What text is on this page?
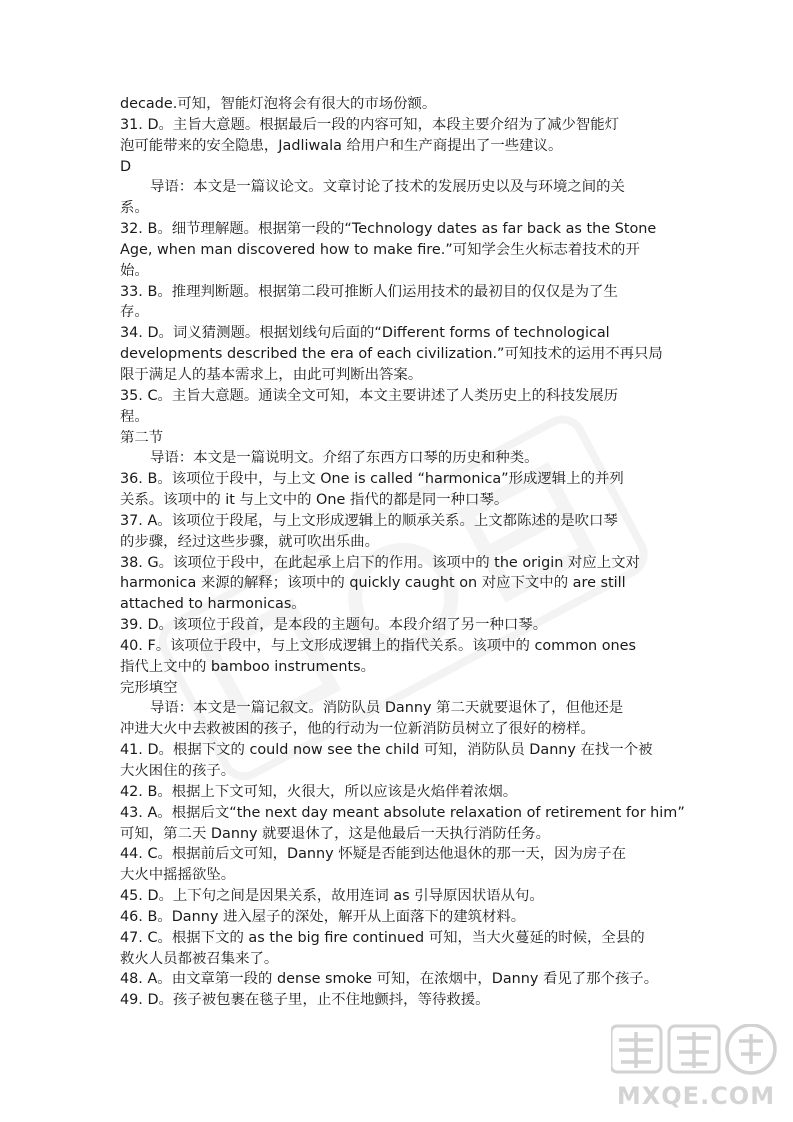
decade.可知，智能灯泡将会有很大的市场份额。
31. D。主旨大意题。根据最后一段的内容可知，本段主要介绍为了减少智能灯
泡可能带来的安全隐患，Jadliwala 给用户和生产商提出了一些建议。
D
导语：本文是一篇议论文。文章讨论了技术的发展历史以及与环境之间的关
系。
32. B。细节理解题。根据第一段的“Technology dates as far back as the Stone
Age, when man discovered how to make fire.”可知学会生火标志着技术的开
始。
33. B。推理判断题。根据第二段可推断人们运用技术的最初目的仅仅是为了生
存。
34. D。词义猜测题。根据划线句后面的“Different forms of technological
developments described the era of each civilization.”可知技术的运用不再只局
限于满足人的基本需求上，由此可判断出答案。
35. C。主旨大意题。通读全文可知，本文主要讲述了人类历史上的科技发展历
程。
第二节
导语：本文是一篇说明文。介绍了东西方口琴的历史和种类。
36. B。该项位于段中，与上文 One is called “harmonica”形成逻辑上的并列
关系。该项中的 it 与上文中的 One 指代的都是同一种口琴。
37. A。该项位于段尾，与上文形成逻辑上的顺承关系。上文都陈述的是吹口琴
的步骤，经过这些步骤，就可吹出乐曲。
38. G。该项位于段中，在此起承上启下的作用。该项中的 the origin 对应上文对
harmonica 来源的解释；该项中的 quickly caught on 对应下文中的 are still
attached to harmonicas。
39. D。该项位于段首，是本段的主题句。本段介绍了另一种口琴。
40. F。该项位于段中，与上文形成逻辑上的指代关系。该项中的 common ones
指代上文中的 bamboo instruments。
完形填空
导语：本文是一篇记叙文。消防队员 Danny 第二天就要退休了，但他还是
冲进大火中去救被困的孩子，他的行动为一位新消防员树立了很好的榜样。
41. D。根据下文的 could now see the child 可知，消防队员 Danny 在找一个被
大火困住的孩子。
42. B。根据上下文可知，火很大，所以应该是火焰伴着浓烟。
43. A。根据后文“the next day meant absolute relaxation of retirement for him”
可知，第二天 Danny 就要退休了，这是他最后一天执行消防任务。
44. C。根据前后文可知，Danny 怀疑是否能到达他退休的那一天，因为房子在
大火中摇摇欲坠。
45. D。上下句之间是因果关系，故用连词 as 引导原因状语从句。
46. B。Danny 进入屋子的深处，解开从上面落下的建筑材料。
47. C。根据下文的 as the big fire continued 可知，当大火蔓延的时候，全县的
救火人员都被召集来了。
48. A。由文章第一段的 dense smoke 可知，在浓烟中，Danny 看见了那个孩子。
49. D。孩子被包裹在毯子里，止不住地颤抖，等待救援。
MXQE.COM
